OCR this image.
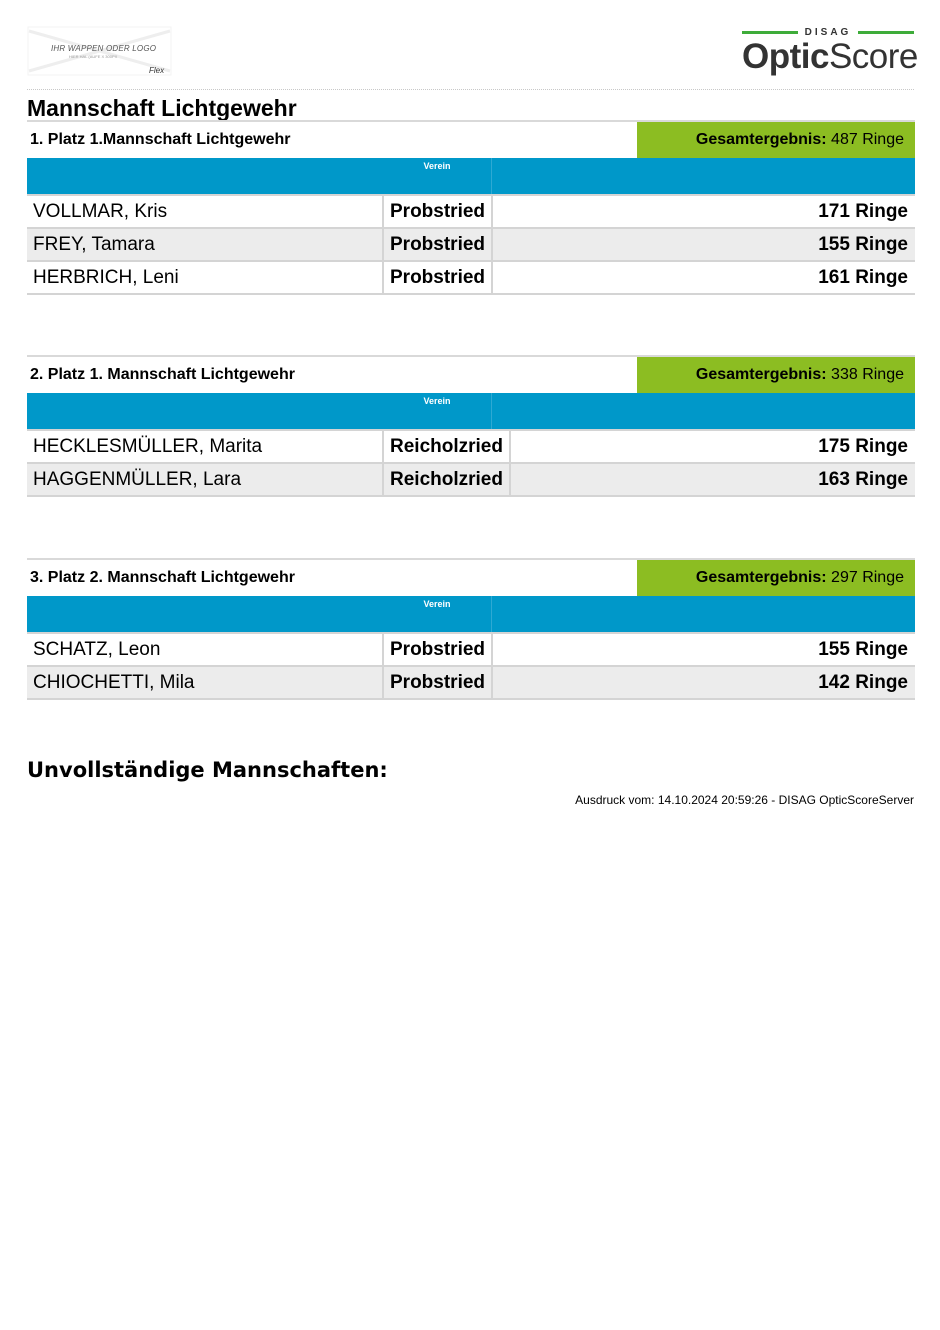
IHR WAPPEN ODER LOGO
HIER HAL (AUFE X 300PX
Flex
DISAG
OpticScore
Mannschaft Lichtgewehr
1. Platz 1.Mannschaft Lichtgewehr	Gesamtergebnis: 487 Ringe
Verein
VOLLMAR, Kris	Probstried	171 Ringe
FREY, Tamara	Probstried	155 Ringe
HERBRICH, Leni	Probstried	161 Ringe
2. Platz 1. Mannschaft Lichtgewehr	Gesamtergebnis: 338 Ringe
Verein
HECKLESMÜLLER, Marita	Reicholzried	175 Ringe
HAGGENMÜLLER, Lara	Reicholzried	163 Ringe
3. Platz 2. Mannschaft Lichtgewehr	Gesamtergebnis: 297 Ringe
Verein
SCHATZ, Leon	Probstried	155 Ringe
CHIOCHETTI, Mila	Probstried	142 Ringe
Unvollständige Mannschaften:
Ausdruck vom: 14.10.2024 20:59:26 - DISAG OpticScoreServer
